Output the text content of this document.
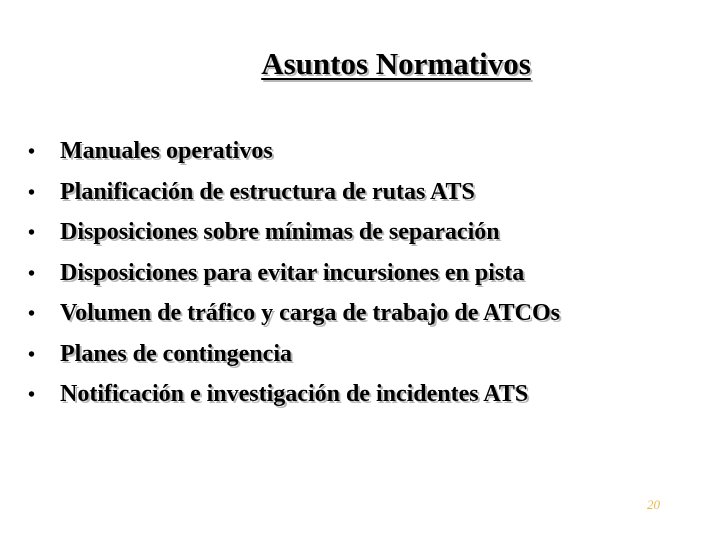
Asuntos Normativos
•	Manuales operativos
•	Planificación de estructura de rutas ATS
•	Disposiciones sobre mínimas de separación
•	Disposiciones para evitar incursiones en pista
•	Volumen de tráfico y carga de trabajo de ATCOs
•	Planes de contingencia
•	Notificación e investigación de incidentes ATS
20
